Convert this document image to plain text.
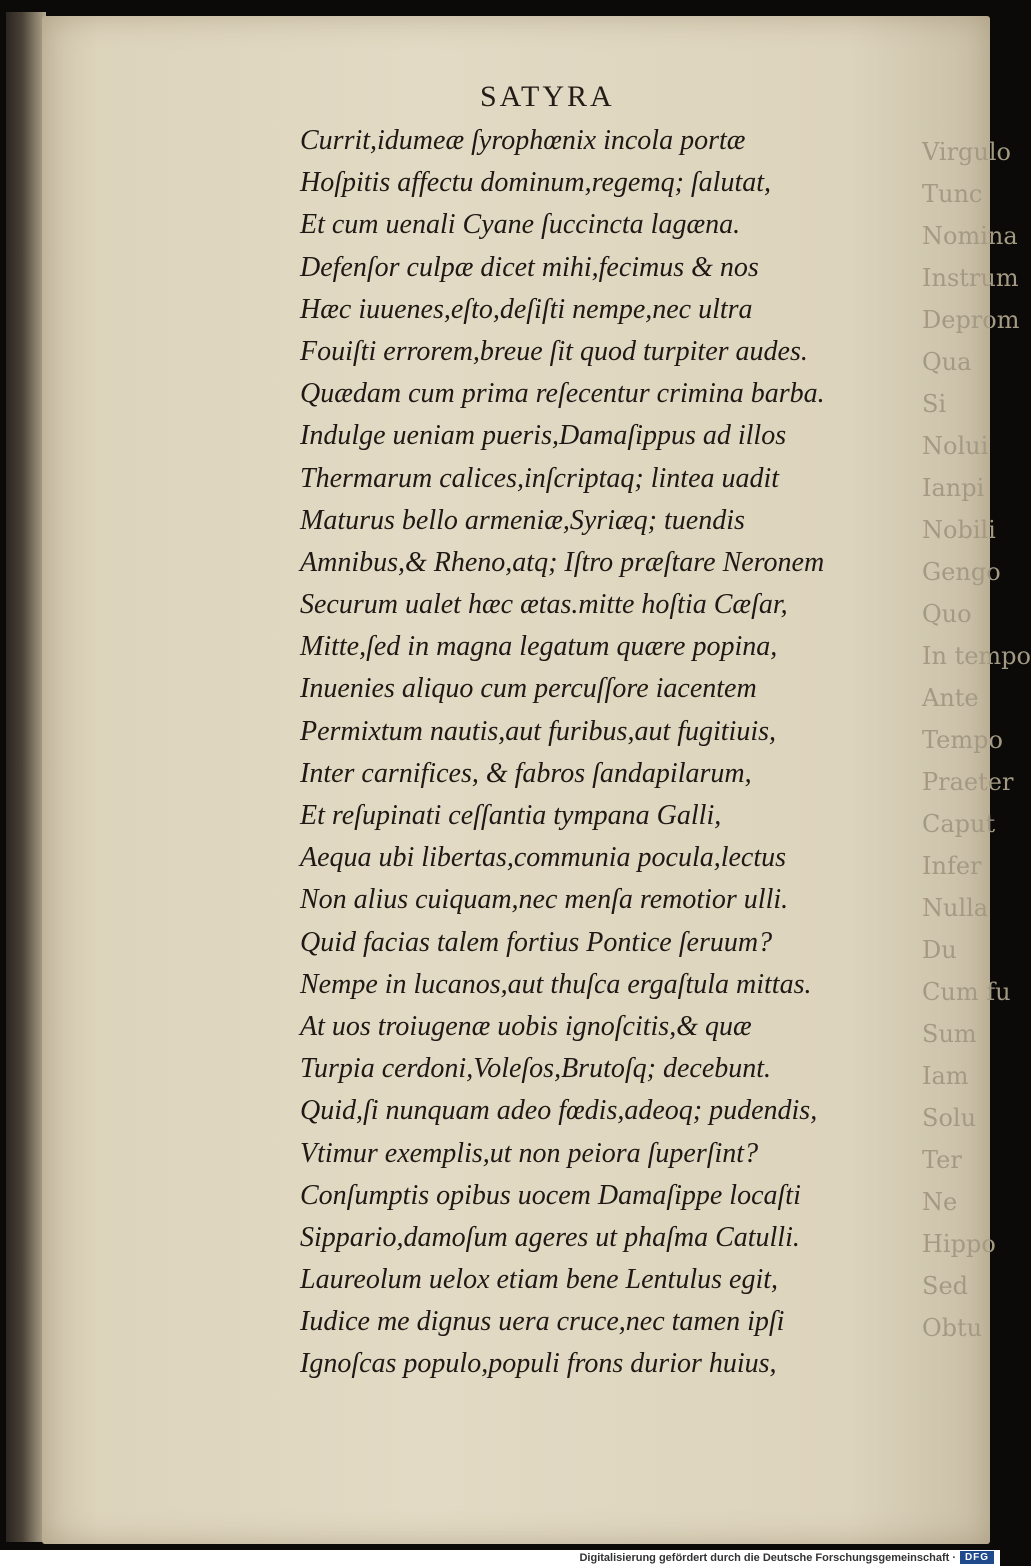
Virgulo
Tunc
Nomina
Instrum
Deprom
Qua
Si
Nolui
Ianpi
Nobili
Gengo
Quo
In tempo
Ante
Tempo
Praeter
Caput
Infer
Nulla
Du
Cum fu
Sum
Iam
Solu
Ter
Ne
Hippo
Sed
Obtu
SATYRA
Currit,idumeæ ſyrophœnix incola portæ
Hoſpitis affectu dominum,regemq; ſalutat,
Et cum uenali Cyane ſuccincta lagæna.
Defenſor culpæ dicet mihi,fecimus & nos
Hæc iuuenes,eſto,deſiſti nempe,nec ultra
Fouiſti errorem,breue ſit quod turpiter audes.
Quædam cum prima reſecentur crimina barba.
Indulge ueniam pueris,Damaſippus ad illos
Thermarum calices,inſcriptaq; lintea uadit
Maturus bello armeniæ,Syriæq; tuendis
Amnibus,& Rheno,atq; Iſtro præſtare Neronem
Securum ualet hæc ætas.mitte hoſtia Cæſar,
Mitte,ſed in magna legatum quære popina,
Inuenies aliquo cum percuſſore iacentem
Permixtum nautis,aut furibus,aut fugitiuis,
Inter carnifices, & fabros ſandapilarum,
Et reſupinati ceſſantia tympana Galli,
Aequa ubi libertas,communia pocula,lectus
Non alius cuiquam,nec menſa remotior ulli.
Quid facias talem fortius Pontice ſeruum?
Nempe in lucanos,aut thuſca ergaſtula mittas.
At uos troiugenæ uobis ignoſcitis,& quæ
Turpia cerdoni,Voleſos,Brutoſq; decebunt.
Quid,ſi nunquam adeo fœdis,adeoq; pudendis,
Vtimur exemplis,ut non peiora ſuperſint?
Conſumptis opibus uocem Damaſippe locaſti
Sippario,damoſum ageres ut phaſma Catulli.
Laureolum uelox etiam bene Lentulus egit,
Iudice me dignus uera cruce,nec tamen ipſi
Ignoſcas populo,populi frons durior huius,
Digitalisierung gefördert durch die Deutsche Forschungsgemeinschaft · DFG
